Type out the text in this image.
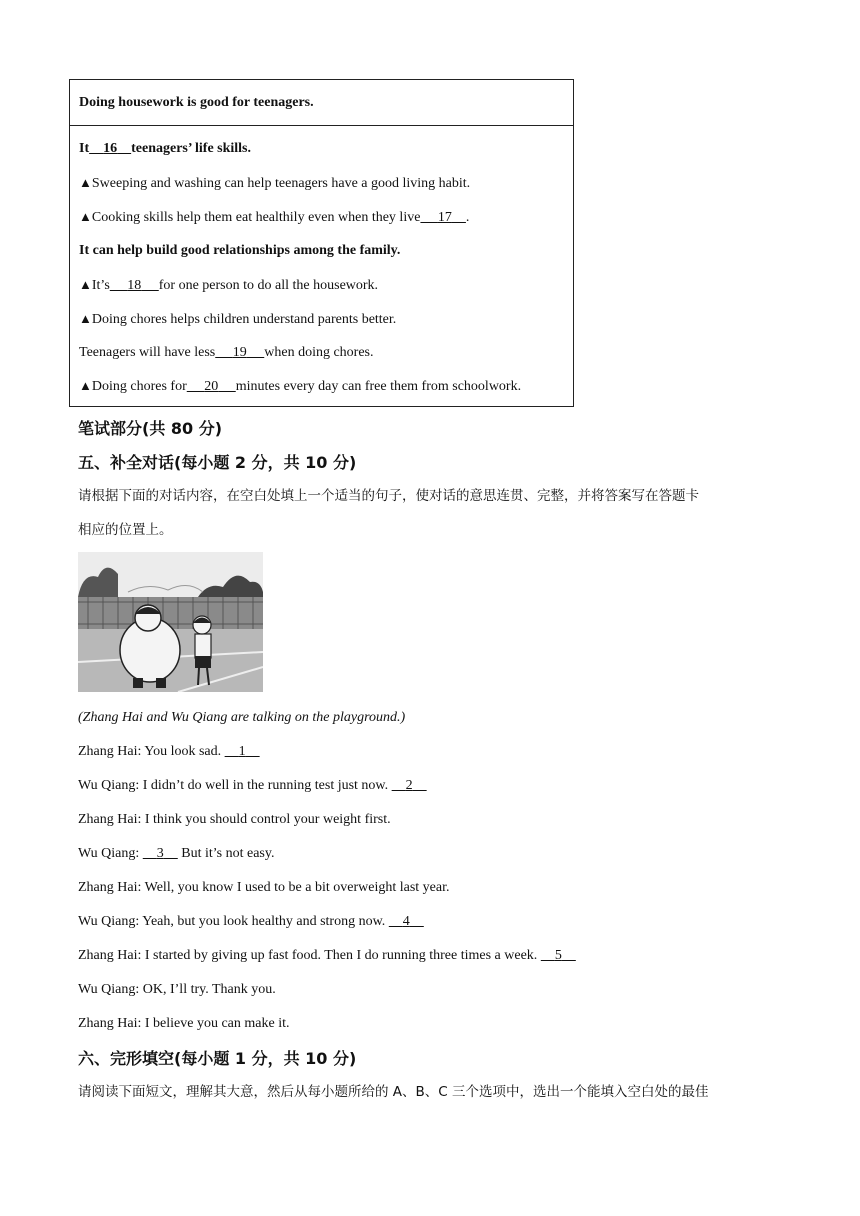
Doing housework is good for teenagers.
It 16 teenagers’ life skills.
▲Sweeping and washing can help teenagers have a good living habit.
▲Cooking skills help them eat healthily even when they live 17 .
It can help build good relationships among the family.
▲It’s 18 for one person to do all the housework.
▲Doing chores helps children understand parents better.
Teenagers will have less 19 when doing chores.
▲Doing chores for 20 minutes every day can free them from schoolwork.
笔试部分(共 80 分)
五、补全对话(每小题 2 分，共 10 分)
请根据下面的对话内容，在空白处填上一个适当的句子，使对话的意思连贯、完整，并将答案写在答题卡
相应的位置上。
(Zhang Hai and Wu Qiang are talking on the playground.)
Zhang Hai: You look sad. 1
Wu Qiang: I didn’t do well in the running test just now. 2
Zhang Hai: I think you should control your weight first.
Wu Qiang: 3 But it’s not easy.
Zhang Hai: Well, you know I used to be a bit overweight last year.
Wu Qiang: Yeah, but you look healthy and strong now. 4
Zhang Hai: I started by giving up fast food. Then I do running three times a week. 5
Wu Qiang: OK, I’ll try. Thank you.
Zhang Hai: I believe you can make it.
六、完形填空(每小题 1 分，共 10 分)
请阅读下面短文，理解其大意，然后从每小题所给的 A、B、C 三个选项中，选出一个能填入空白处的最佳
